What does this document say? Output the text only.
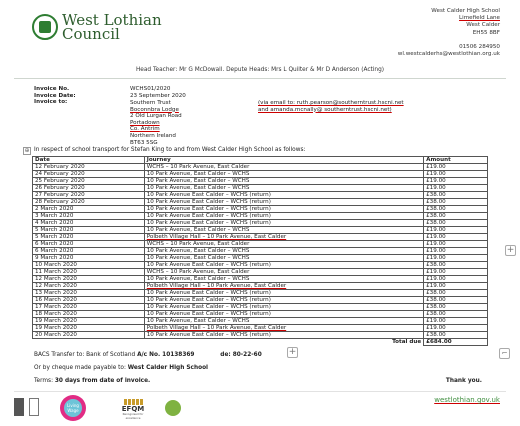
West Lothian
Council
West Calder High School
Limefield Lane
West Calder
EH55 8BF
01506 284950
wl.westcalderhs@westlothian.org.uk
Head Teacher: Mr G McDowall. Depute Heads: Mrs L Quilter & Mr D Anderson (Acting)
Invoice No.	WCHS01/2020
Invoice Date:	23 September 2020
Invoice to:	Southern Trust
Boconnbra Lodge
2 Old Lurgan Road
Portadown
Co. Antrim
Northern Ireland
BT63 5SG
(via email to: ruth.pearson@southerntrust.hscni.net
and amanda.mcnally@ southerntrust.hscni.net)
⊕ In respect of school transport for Stefan King to and from West Calder High School as follows:
Date	Journey	Amount
12 February 2020	WCHS – 10 Park Avenue, East Calder	£19.00
24 February 2020	10 Park Avenue, East Calder – WCHS	£19.00
25 February 2020	10 Park Avenue, East Calder – WCHS	£19.00
26 February 2020	10 Park Avenue, East Calder – WCHS	£19.00
27 February 2020	10 Park Avenue East Calder – WCHS (return)	£38.00
28 February 2020	10 Park Avenue East Calder – WCHS (return)	£38.00
2 March 2020	10 Park Avenue East Calder – WCHS (return)	£38.00
3 March 2020	10 Park Avenue East Calder – WCHS (return)	£38.00
4 March 2020	10 Park Avenue East Calder – WCHS (return)	£38.00
5 March 2020	10 Park Avenue, East Calder – WCHS	£19.00
5 March 2020	Polbeth Village Hall – 10 Park Avenue, East Calder	£19.00
6 March 2020	WCHS – 10 Park Avenue, East Calder	£19.00
6 March 2020	10 Park Avenue, East Calder – WCHS	£19.00
9 March 2020	10 Park Avenue, East Calder – WCHS	£19.00
10 March 2020	10 Park Avenue East Calder – WCHS (return)	£38.00
11 March 2020	WCHS – 10 Park Avenue, East Calder	£19.00
12 March 2020	10 Park Avenue, East Calder – WCHS	£19.00
12 March 2020	Polbeth Village Hall – 10 Park Avenue, East Calder	£19.00
13 March 2020	10 Park Avenue East Calder – WCHS (return)	£38.00
16 March 2020	10 Park Avenue East Calder – WCHS (return)	£38.00
17 March 2020	10 Park Avenue East Calder – WCHS (return)	£38.00
18 March 2020	10 Park Avenue East Calder – WCHS (return)	£38.00
19 March 2020	10 Park Avenue, East Calder – WCHS	£19.00
19 March 2020	Polbeth Village Hall – 10 Park Avenue, East Calder	£19.00
20 March 2020	10 Park Avenue East Calder – WCHS (return)	£38.00
	Total due	£684.00
+
+	⌐
BACS Transfer to: Bank of Scotland A/c No. 10138369	de: 80-22-60
Or by cheque made payable to: West Calder High School
Terms: 30 days from date of invoice.	Thank you.
Living Wage	EFQM
Recognised for excellence
westlothian.gov.uk
